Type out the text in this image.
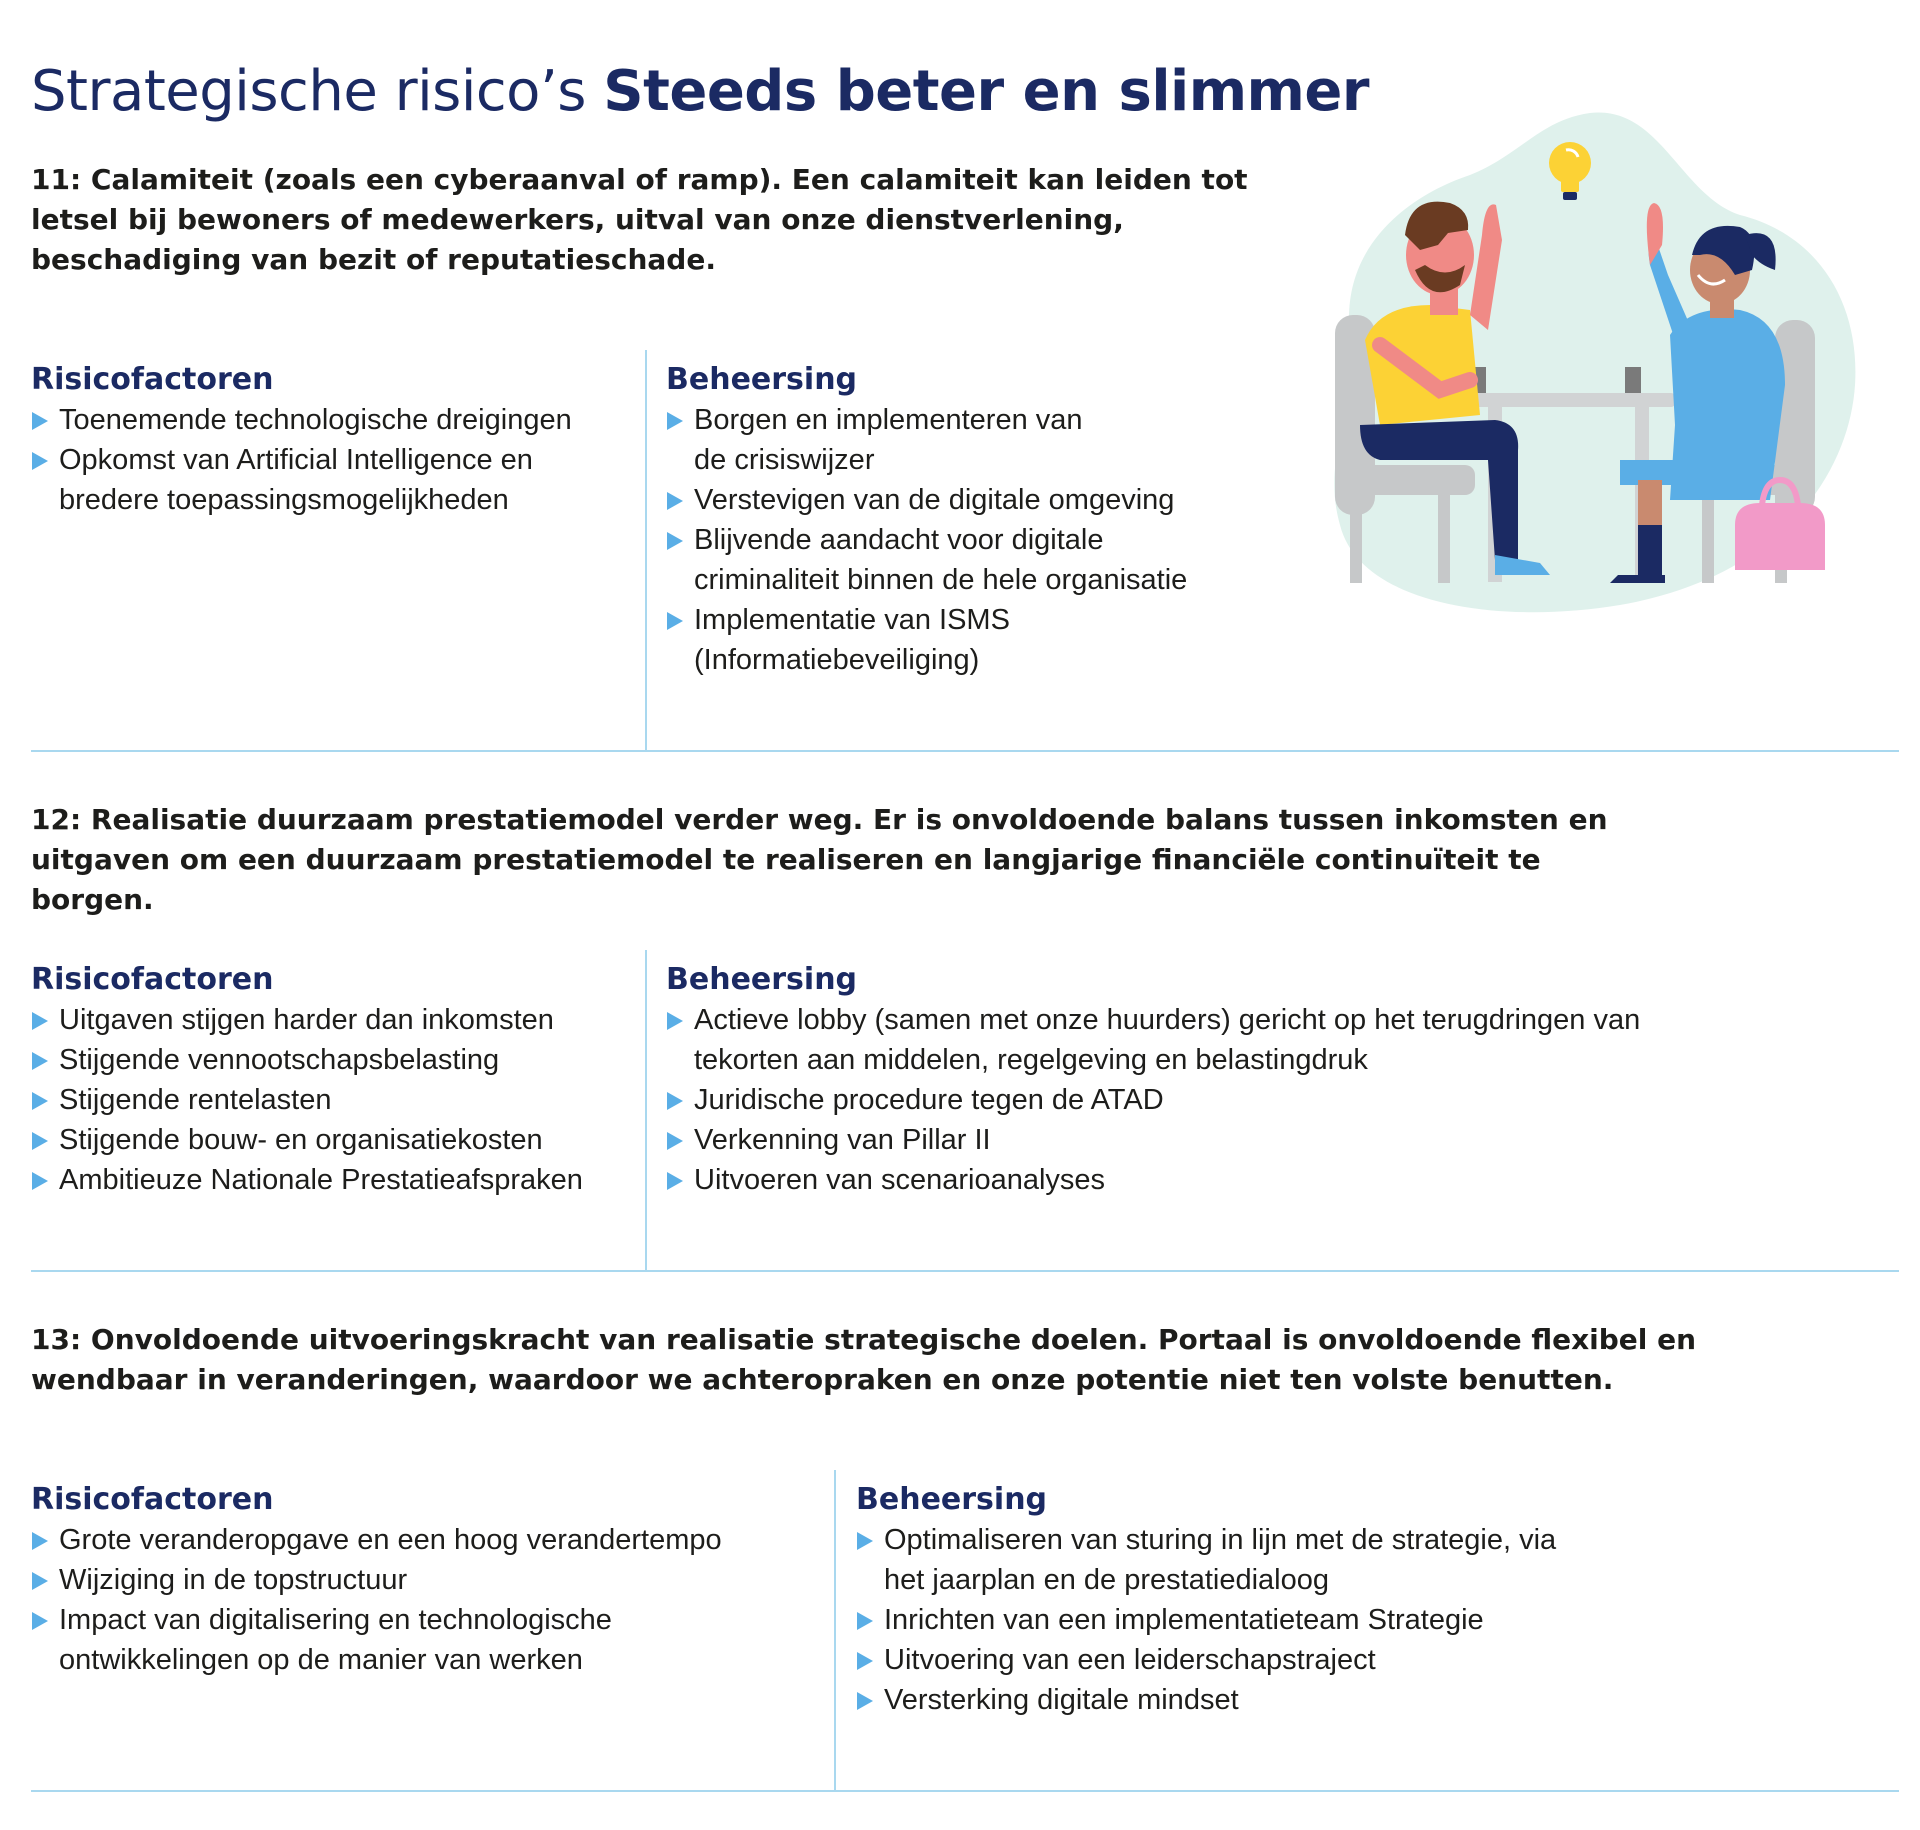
Strategische risico’s Steeds beter en slimmer

11: Calamiteit (zoals een cyberaanval of ramp). Een calamiteit kan leiden tot letsel bij bewoners of medewerkers, uitval van onze dienstverlening, beschadiging van bezit of reputatieschade.

Risicofactoren
Toenemende technologische dreigingen
Opkomst van Artificial Intelligence en bredere toepassingsmogelijkheden
Beheersing
Borgen en implementeren van de crisiswijzer
Verstevigen van de digitale omgeving
Blijvende aandacht voor digitale criminaliteit binnen de hele organisatie
Implementatie van ISMS (Informatiebeveiliging)

12: Realisatie duurzaam prestatiemodel verder weg. Er is onvoldoende balans tussen inkomsten en uitgaven om een duurzaam prestatiemodel te realiseren en langjarige financiële continuïteit te borgen.

Risicofactoren
Uitgaven stijgen harder dan inkomsten
Stijgende vennootschapsbelasting
Stijgende rentelasten
Stijgende bouw- en organisatiekosten
Ambitieuze Nationale Prestatieafspraken
Beheersing
Actieve lobby (samen met onze huurders) gericht op het terugdringen van tekorten aan middelen, regelgeving en belastingdruk
Juridische procedure tegen de ATAD
Verkenning van Pillar II
Uitvoeren van scenarioanalyses

13: Onvoldoende uitvoeringskracht van realisatie strategische doelen. Portaal is onvoldoende flexibel en wendbaar in veranderingen, waardoor we achteropraken en onze potentie niet ten volste benutten.

Risicofactoren
Grote veranderopgave en een hoog verandertempo
Wijziging in de topstructuur
Impact van digitalisering en technologische ontwikkelingen op de manier van werken
Beheersing
Optimaliseren van sturing in lijn met de strategie, via het jaarplan en de prestatiedialoog
Inrichten van een implementatieteam Strategie
Uitvoering van een leiderschapstraject
Versterking digitale mindset
